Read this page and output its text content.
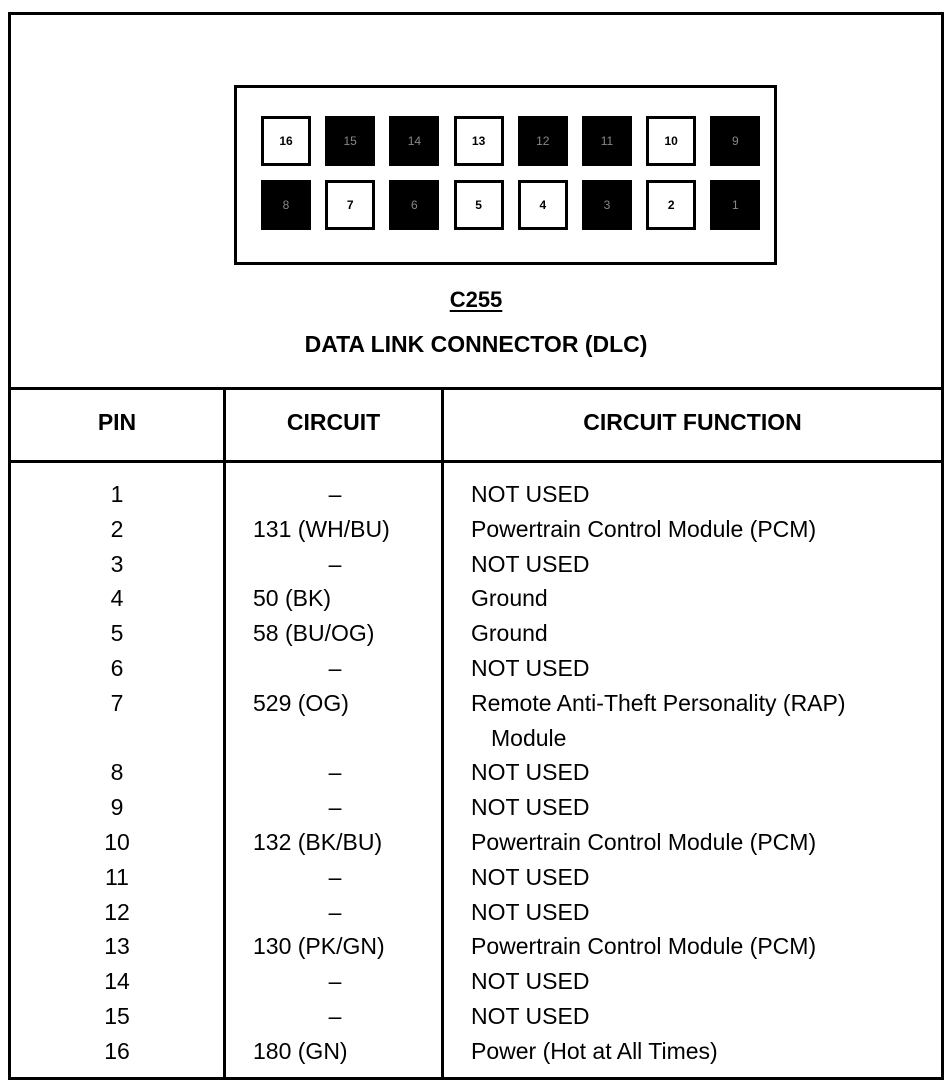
16	15	14	13	12	11	10	9
8	7	6	5	4	3	2	1
C255
DATA LINK CONNECTOR (DLC)
PIN	CIRCUIT	CIRCUIT FUNCTION
1	–	NOT USED
2	131 (WH/BU)	Powertrain Control Module (PCM)
3	–	NOT USED
4	50 (BK)	Ground
5	58 (BU/OG)	Ground
6	–	NOT USED
7	529 (OG)	Remote Anti-Theft Personality (RAP)
Module
8	–	NOT USED
9	–	NOT USED
10	132 (BK/BU)	Powertrain Control Module (PCM)
11	–	NOT USED
12	–	NOT USED
13	130 (PK/GN)	Powertrain Control Module (PCM)
14	–	NOT USED
15	–	NOT USED
16	180 (GN)	Power (Hot at All Times)
